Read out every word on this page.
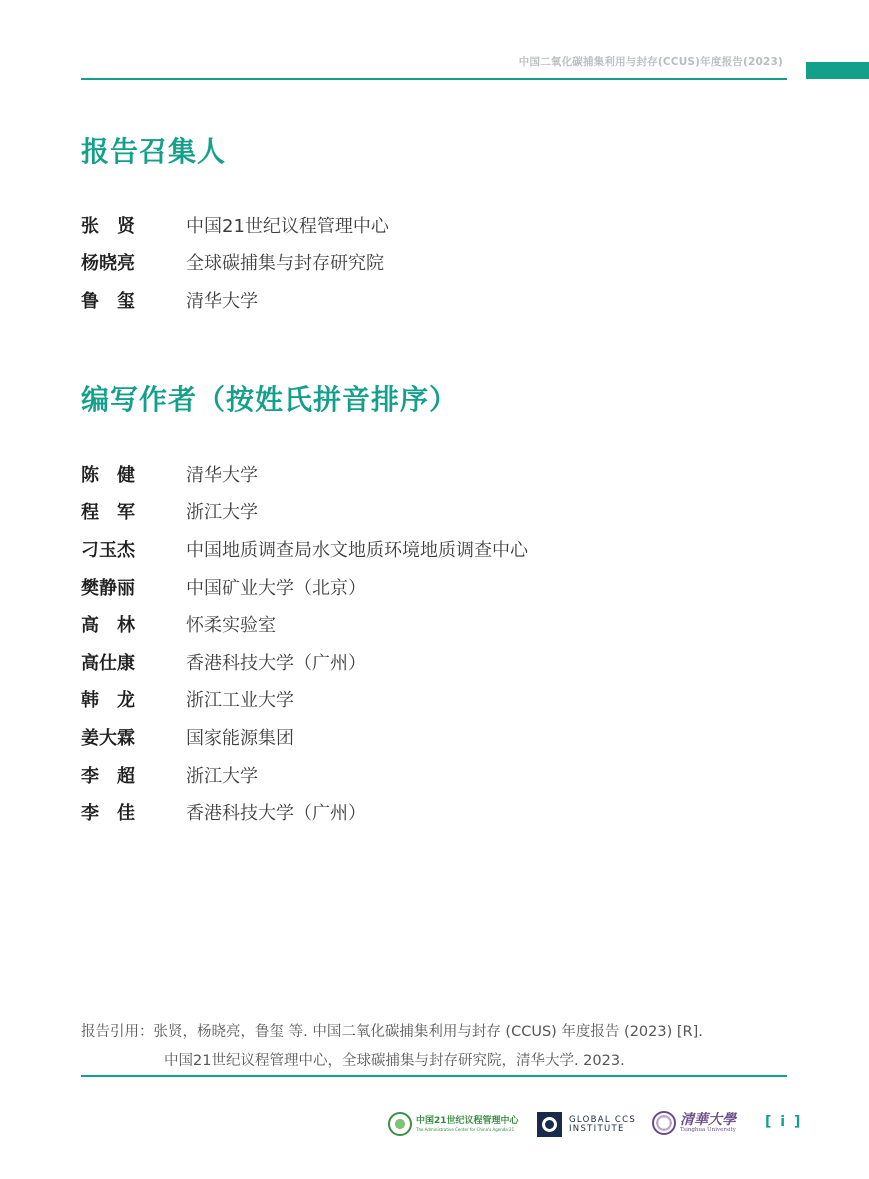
中国二氧化碳捕集利用与封存(CCUS)年度报告(2023)
报告召集人
张　贤	中国21世纪议程管理中心
杨晓亮	全球碳捕集与封存研究院
鲁　玺	清华大学
编写作者（按姓氏拼音排序）
陈　健	清华大学
程　军	浙江大学
刁玉杰	中国地质调查局水文地质环境地质调查中心
樊静丽	中国矿业大学（北京）
高　林	怀柔实验室
高仕康	香港科技大学（广州）
韩　龙	浙江工业大学
姜大霖	国家能源集团
李　超	浙江大学
李　佳	香港科技大学（广州）
报告引用：张贤，杨晓亮，鲁玺 等. 中国二氧化碳捕集利用与封存 (CCUS) 年度报告 (2023) [R].
中国21世纪议程管理中心，全球碳捕集与封存研究院，清华大学. 2023.
中国21世纪议程管理中心
The Administrative Center for China's Agenda 21
GLOBAL CCS
INSTITUTE
清華大學
Tsinghua University [ i ]
